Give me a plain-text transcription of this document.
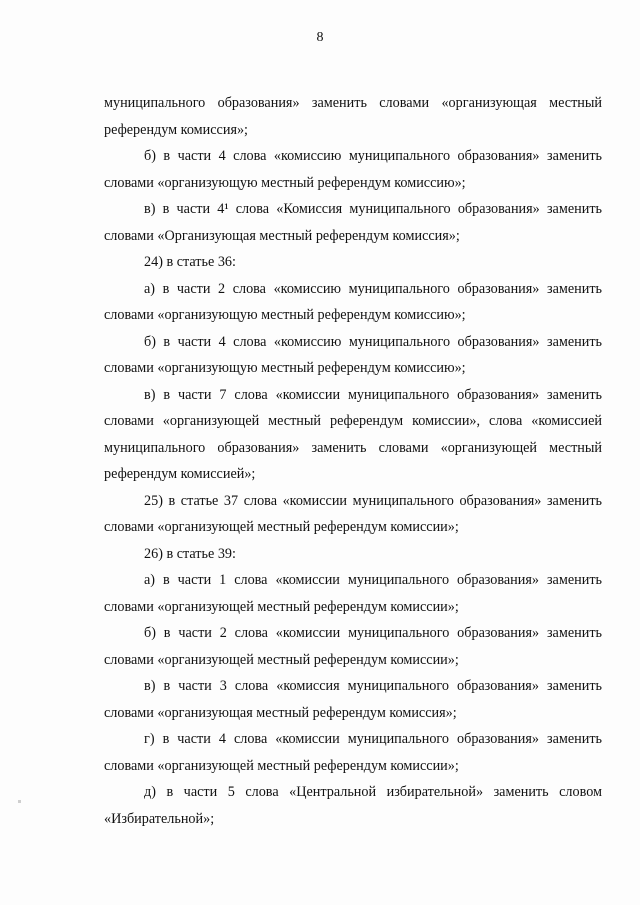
8

муниципального образования» заменить словами «организующая местный референдум комиссия»;

б) в части 4 слова «комиссию муниципального образования» заменить словами «организующую местный референдум комиссию»;

в) в части 4¹ слова «Комиссия муниципального образования» заменить словами «Организующая местный референдум комиссия»;

24) в статье 36:

а) в части 2 слова «комиссию муниципального образования» заменить словами «организующую местный референдум комиссию»;

б) в части 4 слова «комиссию муниципального образования» заменить словами «организующую местный референдум комиссию»;

в) в части 7 слова «комиссии муниципального образования» заменить словами «организующей местный референдум комиссии», слова «комиссией муниципального образования» заменить словами «организующей местный референдум комиссией»;

25) в статье 37 слова «комиссии муниципального образования» заменить словами «организующей местный референдум комиссии»;

26) в статье 39:

а) в части 1 слова «комиссии муниципального образования» заменить словами «организующей местный референдум комиссии»;

б) в части 2 слова «комиссии муниципального образования» заменить словами «организующей местный референдум комиссии»;

в) в части 3 слова «комиссия муниципального образования» заменить словами «организующая местный референдум комиссия»;

г) в части 4 слова «комиссии муниципального образования» заменить словами «организующей местный референдум комиссии»;

д) в части 5 слова «Центральной избирательной» заменить словом «Избирательной»;
